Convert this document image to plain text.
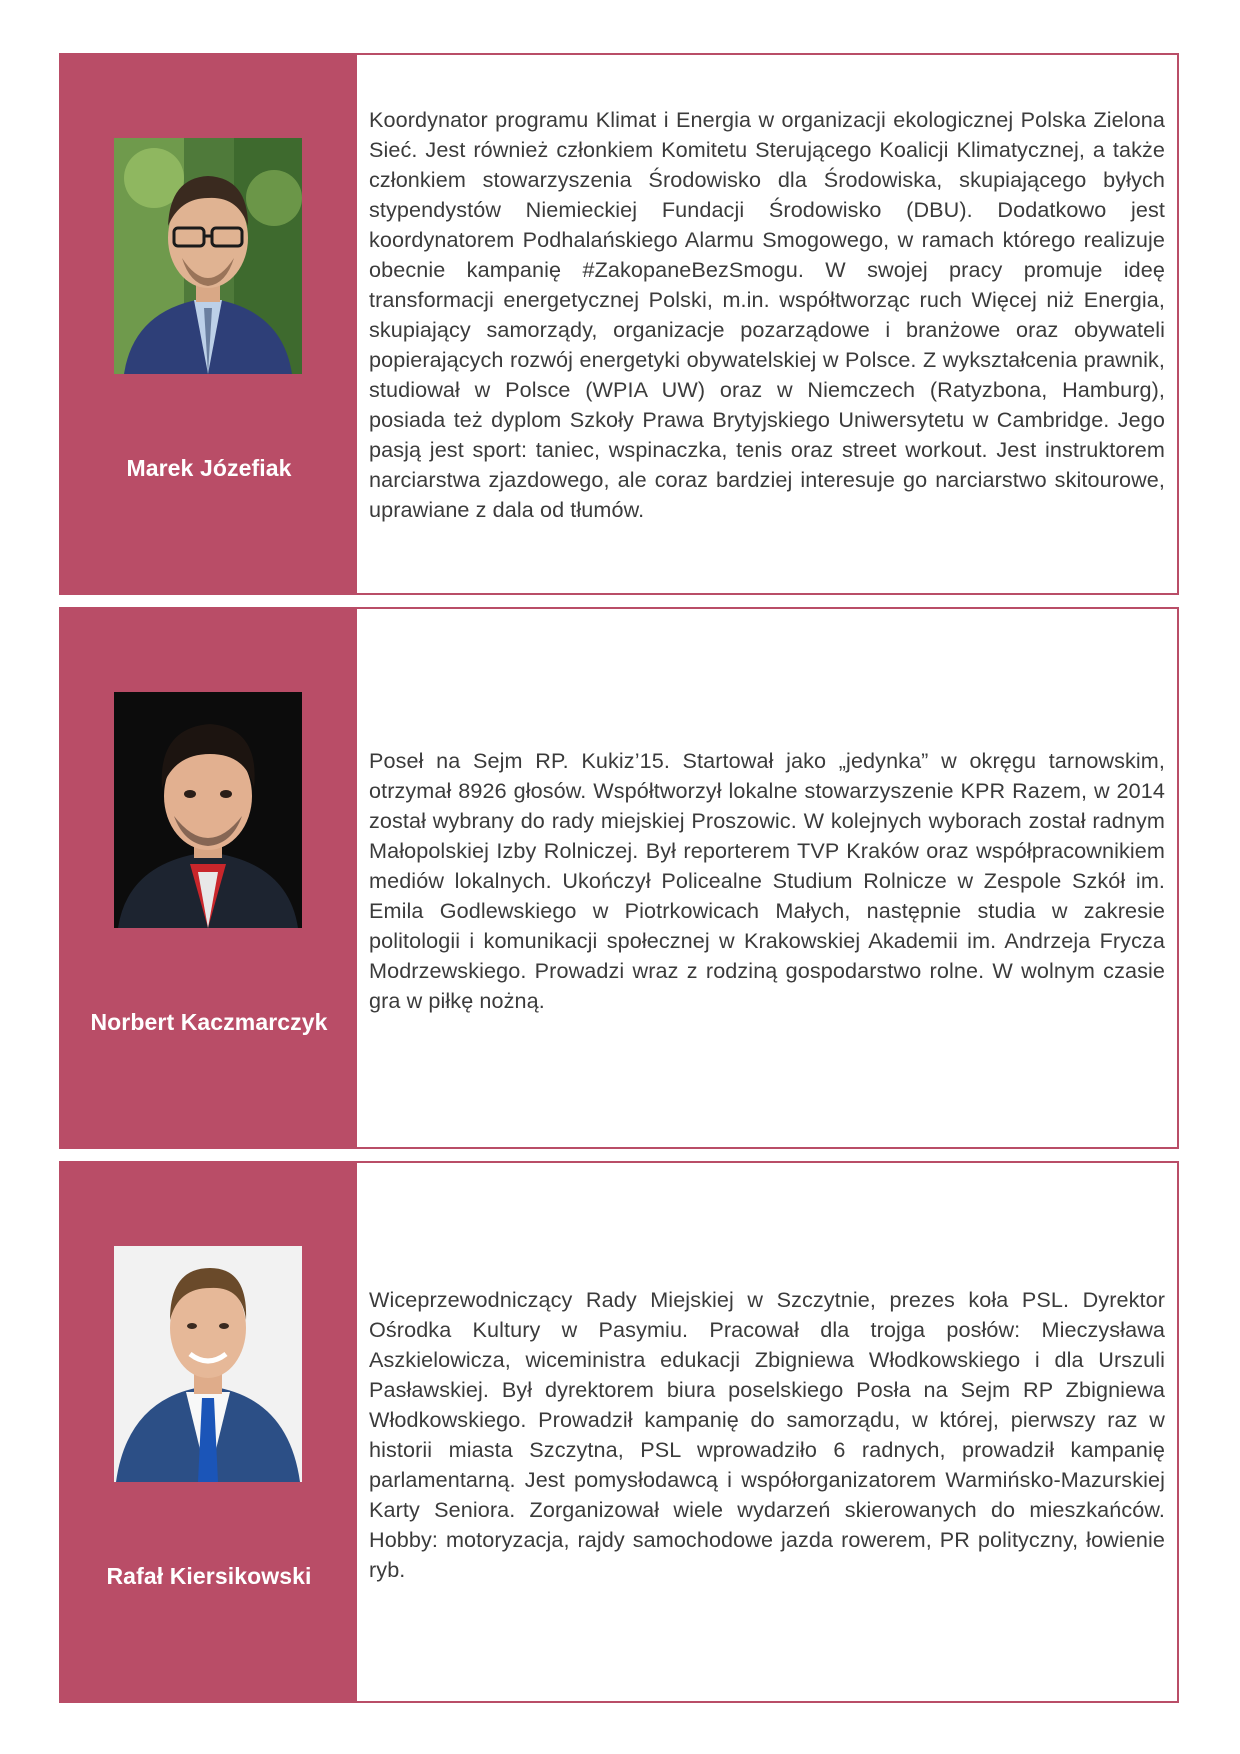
Marek Józefiak

Koordynator programu Klimat i Energia w organizacji ekologicznej Polska Zielona Sieć. Jest również członkiem Komitetu Sterującego Koalicji Klimatycznej, a także członkiem stowarzyszenia Środowisko dla Środowiska, skupiającego byłych stypendystów Niemieckiej Fundacji Środowisko (DBU). Dodatkowo jest koordynatorem Podhalańskiego Alarmu Smogowego, w ramach którego realizuje obecnie kampanię #ZakopaneBezSmogu. W swojej pracy promuje ideę transformacji energetycznej Polski, m.in. współtworząc ruch Więcej niż Energia, skupiający samorządy, organizacje pozarządowe i branżowe oraz obywateli popierających rozwój energetyki obywatelskiej w Polsce. Z wykształcenia prawnik, studiował w Polsce (WPIA UW) oraz w Niemczech (Ratyzbona, Hamburg), posiada też dyplom Szkoły Prawa Brytyjskiego Uniwersytetu w Cambridge. Jego pasją jest sport: taniec, wspinaczka, tenis oraz street workout. Jest instruktorem narciarstwa zjazdowego, ale coraz bardziej interesuje go narciarstwo skitourowe, uprawiane z dala od tłumów.

Norbert Kaczmarczyk

Poseł na Sejm RP. Kukiz’15. Startował jako „jedynka” w okręgu tarnowskim, otrzymał 8926 głosów. Współtworzył lokalne stowarzyszenie KPR Razem, w 2014 został wybrany do rady miejskiej Proszowic. W kolejnych wyborach został radnym Małopolskiej Izby Rolniczej. Był reporterem TVP Kraków oraz współpracownikiem mediów lokalnych. Ukończył Policealne Studium Rolnicze w Zespole Szkół im. Emila Godlewskiego w Piotrkowicach Małych, następnie studia w zakresie politologii i komunikacji społecznej w Krakowskiej Akademii im. Andrzeja Frycza Modrzewskiego. Prowadzi wraz z rodziną gospodarstwo rolne. W wolnym czasie gra w piłkę nożną.

Rafał Kiersikowski

Wiceprzewodniczący Rady Miejskiej w Szczytnie, prezes koła PSL. Dyrektor Ośrodka Kultury w Pasymiu. Pracował dla trojga posłów: Mieczysława Aszkielowicza, wiceministra edukacji Zbigniewa Włodkowskiego i dla Urszuli Pasławskiej. Był dyrektorem biura poselskiego Posła na Sejm RP Zbigniewa Włodkowskiego. Prowadził kampanię do samorządu, w której, pierwszy raz w historii miasta Szczytna, PSL wprowadziło 6 radnych, prowadził kampanię parlamentarną. Jest pomysłodawcą i współorganizatorem Warmińsko-Mazurskiej Karty Seniora. Zorganizował wiele wydarzeń skierowanych do mieszkańców. Hobby: motoryzacja, rajdy samochodowe jazda rowerem, PR polityczny, łowienie ryb.
